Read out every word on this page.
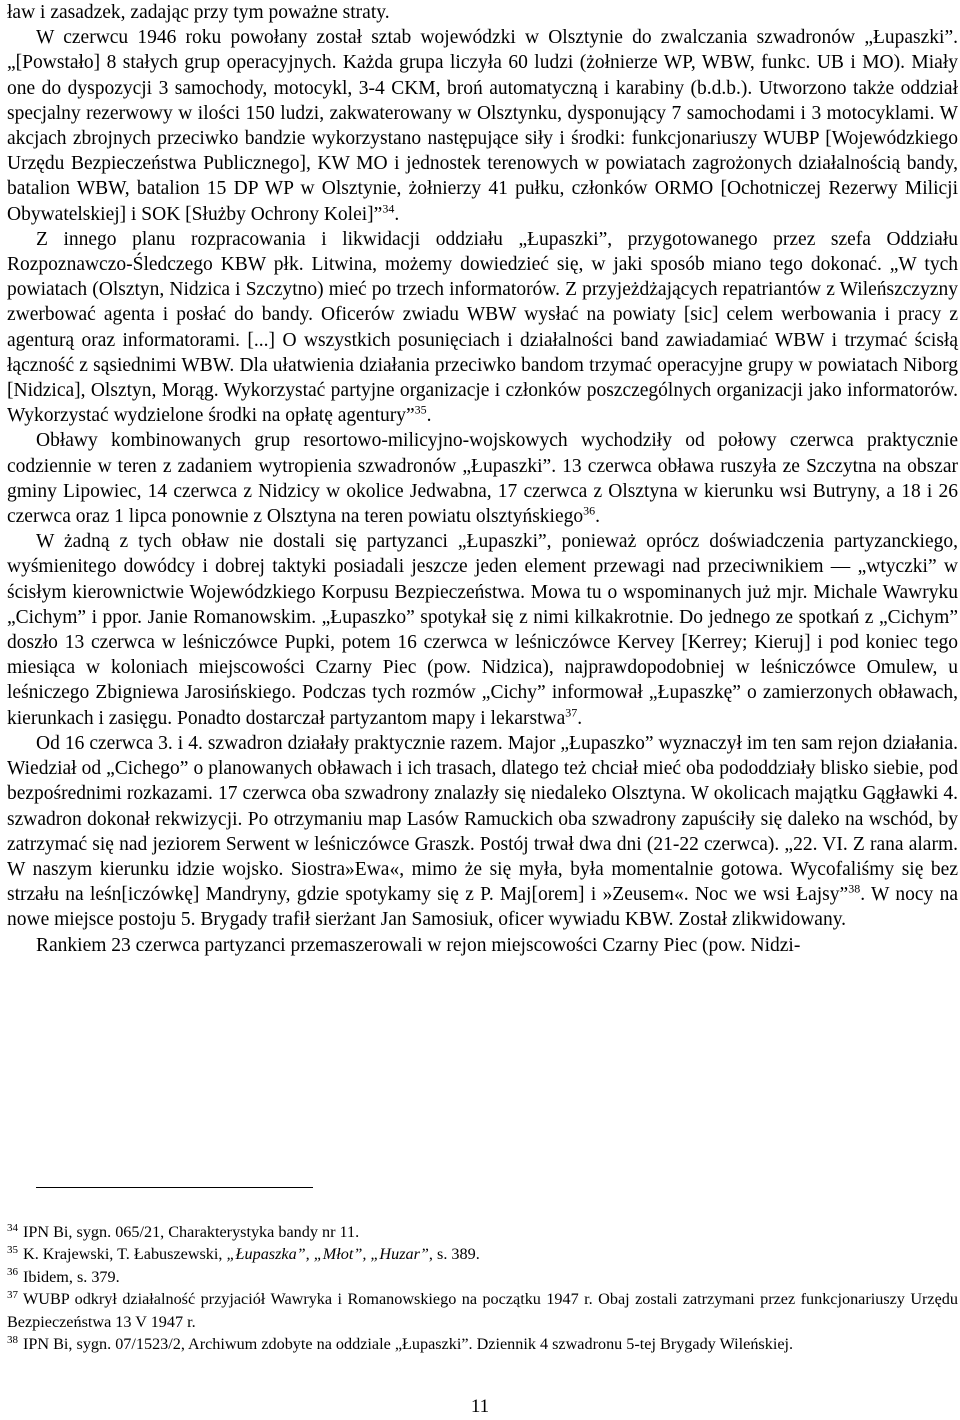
ław i zasadzek, zadając przy tym poważne straty.

W czerwcu 1946 roku powołany został sztab wojewódzki w Olsztynie do zwalczania szwadronów „Łupaszki”. „[Powstało] 8 stałych grup operacyjnych. Każda grupa liczyła 60 ludzi (żołnierze WP, WBW, funkc. UB i MO). Miały one do dyspozycji 3 samochody, motocykl, 3-4 CKM, broń automatyczną i karabiny (b.d.b.). Utworzono także oddział specjalny rezerwowy w ilości 150 ludzi, zakwaterowany w Olsztynku, dysponujący 7 samochodami i 3 motocyklami. W akcjach zbrojnych przeciwko bandzie wykorzystano następujące siły i środki: funkcjonariuszy WUBP [Wojewódzkiego Urzędu Bezpieczeństwa Publicznego], KW MO i jednostek terenowych w powiatach zagrożonych działalnością bandy, batalion WBW, batalion 15 DP WP w Olsztynie, żołnierzy 41 pułku, członków ORMO [Ochotniczej Rezerwy Milicji Obywatelskiej] i SOK [Służby Ochrony Kolei]”$^{34}$.

Z innego planu rozpracowania i likwidacji oddziału „Łupaszki”, przygotowanego przez szefa Oddziału Rozpoznawczo-Śledczego KBW płk. Litwina, możemy dowiedzieć się, w jaki sposób miano tego dokonać. „W tych powiatach (Olsztyn, Nidzica i Szczytno) mieć po trzech informatorów. Z przyjeżdżających repatriantów z Wileńszczyzny zwerbować agenta i posłać do bandy. Oficerów zwiadu WBW wysłać na powiaty [sic] celem werbowania i pracy z agenturą oraz informatorami. [...] O wszystkich posunięciach i działalności band zawiadamiać WBW i trzymać ścisłą łączność z sąsiednimi WBW. Dla ułatwienia działania przeciwko bandom trzymać operacyjne grupy w powiatach Niborg [Nidzica], Olsztyn, Morąg. Wykorzystać partyjne organizacje i członków poszczególnych organizacji jako informatorów. Wykorzystać wydzielone środki na opłatę agentury”$^{35}$.

Obławy kombinowanych grup resortowo-milicyjno-wojskowych wychodziły od połowy czerwca praktycznie codziennie w teren z zadaniem wytropienia szwadronów „Łupaszki”. 13 czerwca obława ruszyła ze Szczytna na obszar gminy Lipowiec, 14 czerwca z Nidzicy w okolice Jedwabna, 17 czerwca z Olsztyna w kierunku wsi Butryny, a 18 i 26 czerwca oraz 1 lipca ponownie z Olsztyna na teren powiatu olsztyńskiego$^{36}$.

W żadną z tych obław nie dostali się partyzanci „Łupaszki”, ponieważ oprócz doświadczenia partyzanckiego, wyśmienitego dowódcy i dobrej taktyki posiadali jeszcze jeden element przewagi nad przeciwnikiem — „wtyczki” w ścisłym kierownictwie Wojewódzkiego Korpusu Bezpieczeństwa. Mowa tu o wspominanych już mjr. Michale Wawryku „Cichym” i ppor. Janie Romanowskim. „Łupaszko” spotykał się z nimi kilkakrotnie. Do jednego ze spotkań z „Cichym” doszło 13 czerwca w leśniczówce Pupki, potem 16 czerwca w leśniczówce Kervey [Kerrey; Kieruj] i pod koniec tego miesiąca w koloniach miejscowości Czarny Piec (pow. Nidzica), najprawdopodobniej w leśniczówce Omulew, u leśniczego Zbigniewa Jarosińskiego. Podczas tych rozmów „Cichy” informował „Łupaszkę” o zamierzonych obławach, kierunkach i zasięgu. Ponadto dostarczał partyzantom mapy i lekarstwa$^{37}$.

Od 16 czerwca 3. i 4. szwadron działały praktycznie razem. Major „Łupaszko” wyznaczył im ten sam rejon działania. Wiedział od „Cichego” o planowanych obławach i ich trasach, dlatego też chciał mieć oba pododdziały blisko siebie, pod bezpośrednimi rozkazami. 17 czerwca oba szwadrony znalazły się niedaleko Olsztyna. W okolicach majątku Gągławki 4. szwadron dokonał rekwizycji. Po otrzymaniu map Lasów Ramuckich oba szwadrony zapuściły się daleko na wschód, by zatrzymać się nad jeziorem Serwent w leśniczówce Graszk. Postój trwał dwa dni (21-22 czerwca). „22. VI. Z rana alarm. W naszym kierunku idzie wojsko. Siostra»Ewa«, mimo że się myła, była momentalnie gotowa. Wycofaliśmy się bez strzału na leśn[iczówkę] Mandryny, gdzie spotykamy się z P. Maj[orem] i »Zeusem«. Noc we wsi Łajsy”$^{38}$. W nocy na nowe miejsce postoju 5. Brygady trafił sierżant Jan Samosiuk, oficer wywiadu KBW. Został zlikwidowany.

Rankiem 23 czerwca partyzanci przemaszerowali w rejon miejscowości Czarny Piec (pow. Nidzi-

$^{34}$ IPN Bi, sygn. 065/21, Charakterystyka bandy nr 11.

$^{35}$ K. Krajewski, T. Łabuszewski, „Łupaszka”, „Młot”, „Huzar”, s. 389.

$^{36}$ Ibidem, s. 379.

$^{37}$ WUBP odkrył działalność przyjaciół Wawryka i Romanowskiego na początku 1947 r. Obaj zostali zatrzymani przez funkcjonariuszy Urzędu Bezpieczeństwa 13 V 1947 r.

$^{38}$ IPN Bi, sygn. 07/1523/2, Archiwum zdobyte na oddziale „Łupaszki”. Dziennik 4 szwadronu 5-tej Brygady Wileńskiej.

11
